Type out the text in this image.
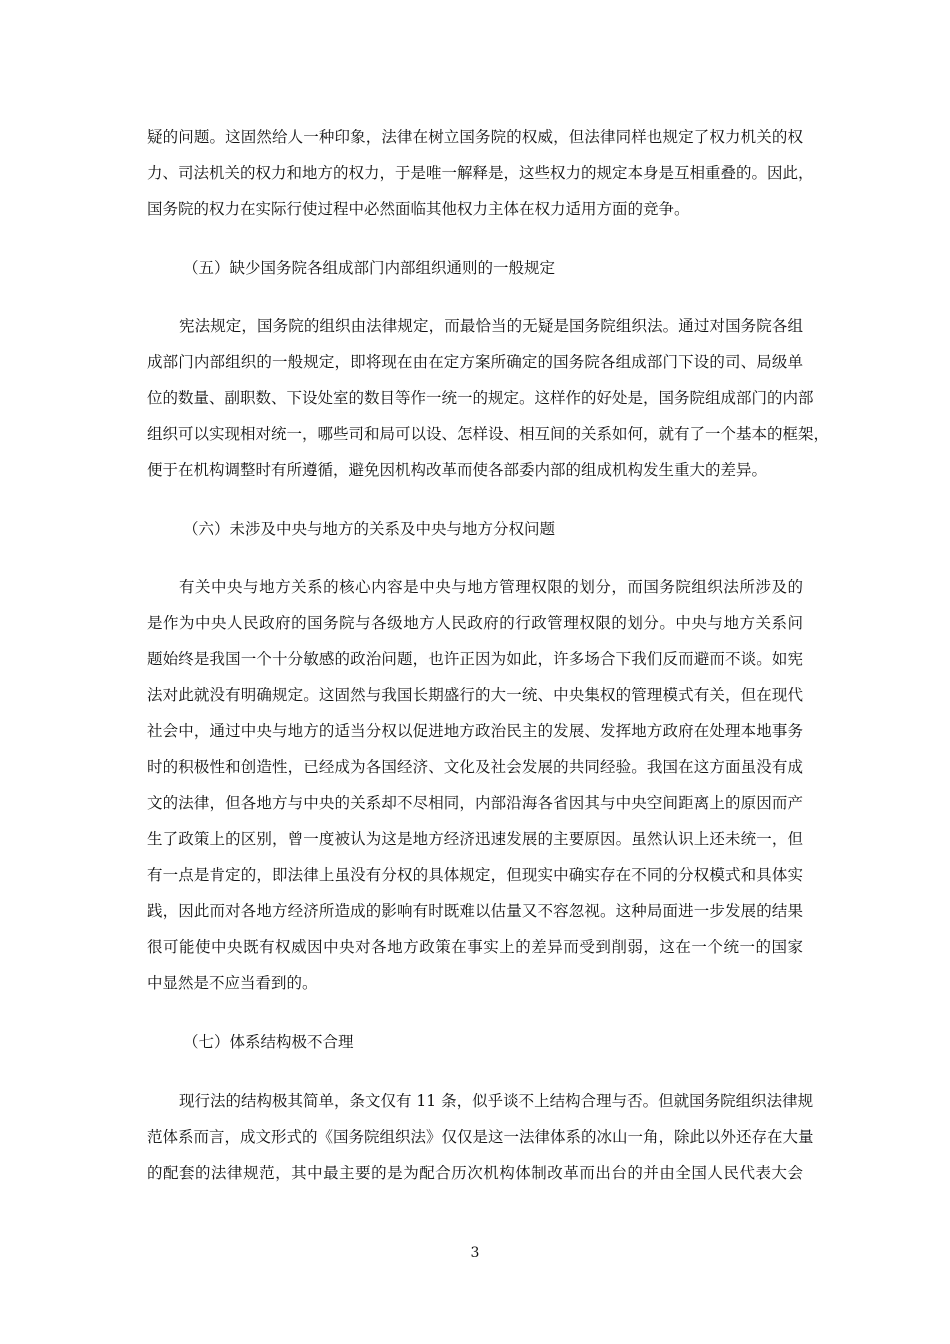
疑的问题。这固然给人一种印象，法律在树立国务院的权威，但法律同样也规定了权力机关的权
力、司法机关的权力和地方的权力，于是唯一解释是，这些权力的规定本身是互相重叠的。因此，
国务院的权力在实际行使过程中必然面临其他权力主体在权力适用方面的竞争。
（五）缺少国务院各组成部门内部组织通则的一般规定
宪法规定，国务院的组织由法律规定，而最恰当的无疑是国务院组织法。通过对国务院各组
成部门内部组织的一般规定，即将现在由在定方案所确定的国务院各组成部门下设的司、局级单
位的数量、副职数、下设处室的数目等作一统一的规定。这样作的好处是，国务院组成部门的内部
组织可以实现相对统一，哪些司和局可以设、怎样设、相互间的关系如何，就有了一个基本的框架，
便于在机构调整时有所遵循，避免因机构改革而使各部委内部的组成机构发生重大的差异。
（六）未涉及中央与地方的关系及中央与地方分权问题
有关中央与地方关系的核心内容是中央与地方管理权限的划分，而国务院组织法所涉及的
是作为中央人民政府的国务院与各级地方人民政府的行政管理权限的划分。中央与地方关系问
题始终是我国一个十分敏感的政治问题，也许正因为如此，许多场合下我们反而避而不谈。如宪
法对此就没有明确规定。这固然与我国长期盛行的大一统、中央集权的管理模式有关，但在现代
社会中，通过中央与地方的适当分权以促进地方政治民主的发展、发挥地方政府在处理本地事务
时的积极性和创造性，已经成为各国经济、文化及社会发展的共同经验。我国在这方面虽没有成
文的法律，但各地方与中央的关系却不尽相同，内部沿海各省因其与中央空间距离上的原因而产
生了政策上的区别，曾一度被认为这是地方经济迅速发展的主要原因。虽然认识上还未统一，但
有一点是肯定的，即法律上虽没有分权的具体规定，但现实中确实存在不同的分权模式和具体实
践，因此而对各地方经济所造成的影响有时既难以估量又不容忽视。这种局面进一步发展的结果
很可能使中央既有权威因中央对各地方政策在事实上的差异而受到削弱，这在一个统一的国家
中显然是不应当看到的。
（七）体系结构极不合理
现行法的结构极其简单，条文仅有 11 条，似乎谈不上结构合理与否。但就国务院组织法律规
范体系而言，成文形式的《国务院组织法》仅仅是这一法律体系的冰山一角，除此以外还存在大量
的配套的法律规范，其中最主要的是为配合历次机构体制改革而出台的并由全国人民代表大会
3
